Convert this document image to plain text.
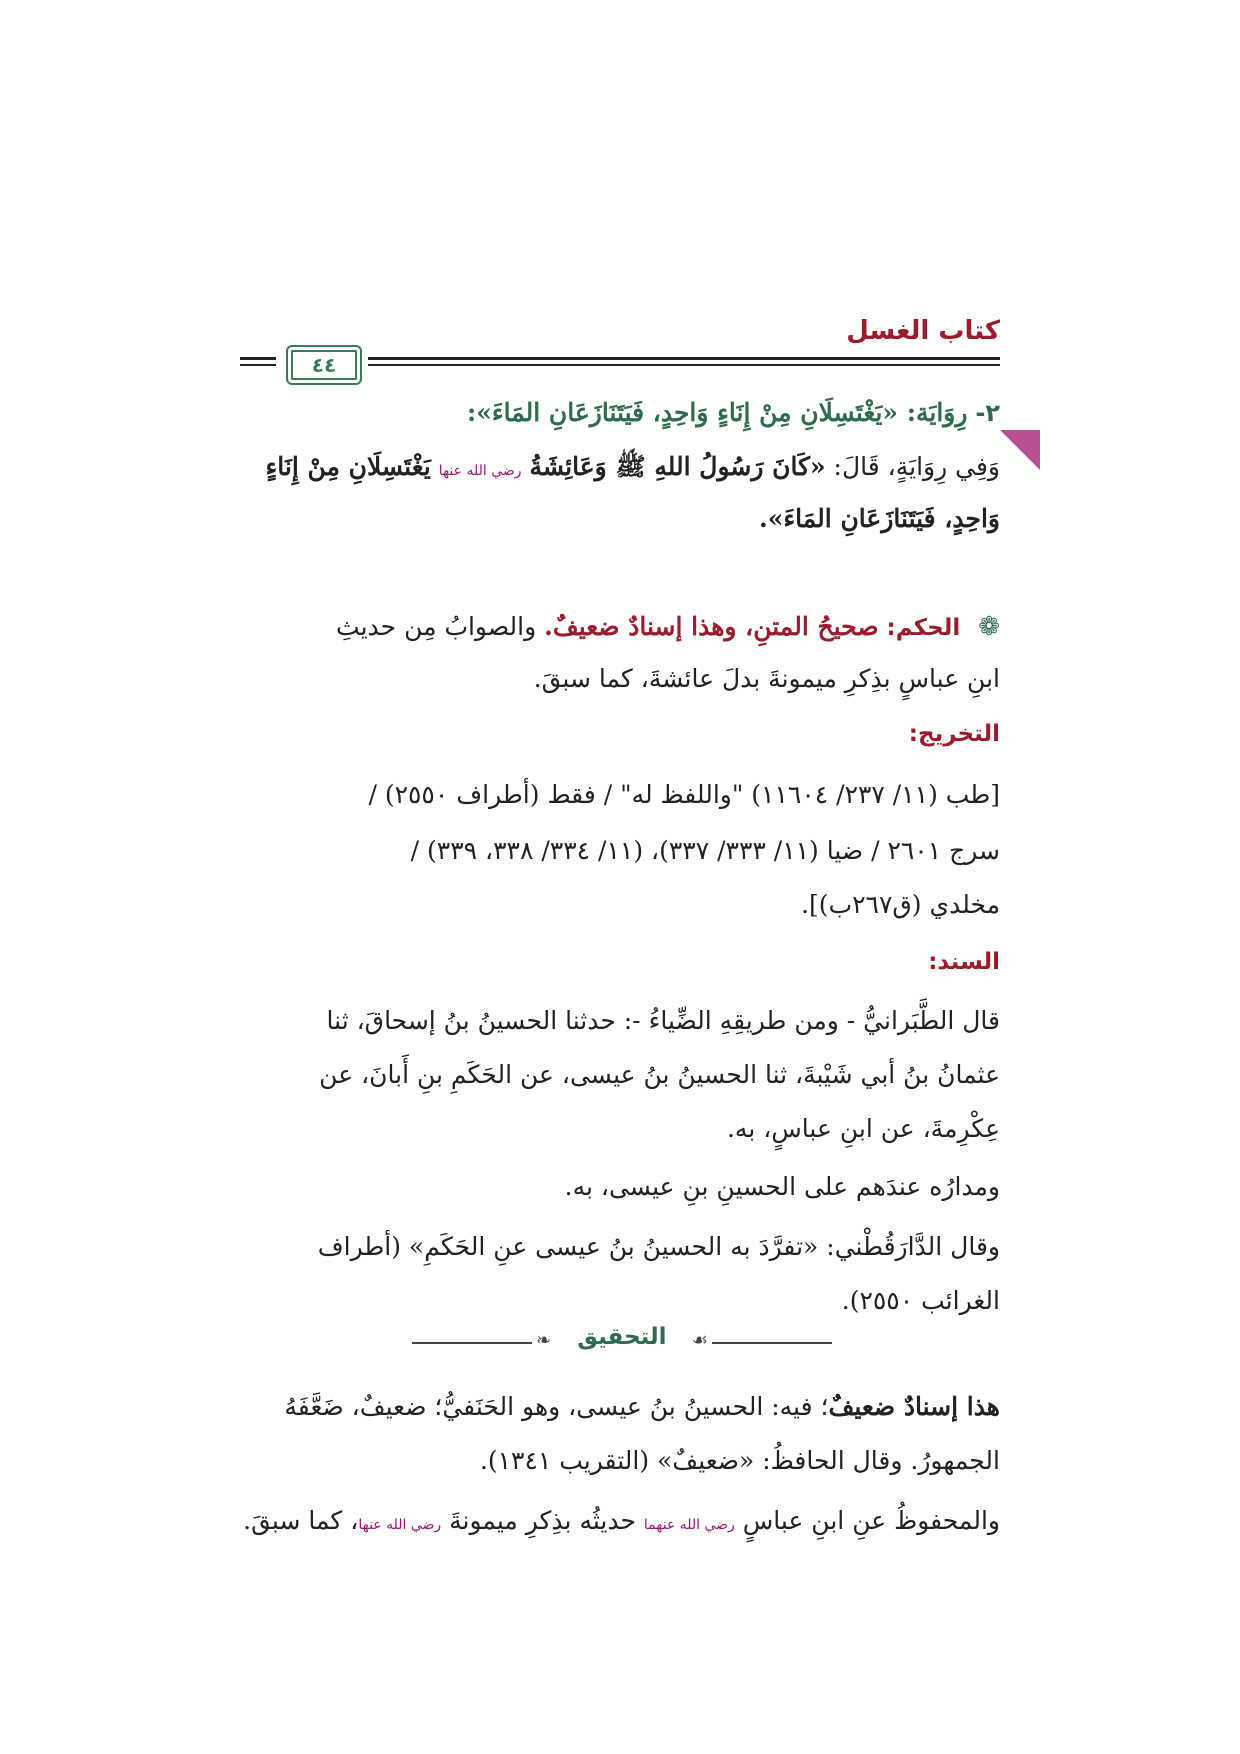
كتاب الغسل
٤٤
٢- رِوَايَة: «يَغْتَسِلَانِ مِنْ إِنَاءٍ وَاحِدٍ، فَيَتَنَازَعَانِ المَاءَ»:
وَفِي رِوَايَةٍ، قَالَ: «كَانَ رَسُولُ اللهِ ﷺ وَعَائِشَةُ رضي الله عنها يَغْتَسِلَانِ مِنْ إِنَاءٍ
وَاحِدٍ، فَيَتَنَازَعَانِ المَاءَ».
❁ الحكم: صحيحُ المتنِ، وهذا إسنادٌ ضعيفٌ. والصوابُ مِن حديثِ
ابنِ عباسٍ بذِكرِ ميمونةَ بدلَ عائشةَ، كما سبقَ.
التخريج:
[طب (١١/ ٢٣٧/ ١١٦٠٤) "واللفظ له" / فقط (أطراف ٢٥٥٠) /
سرج ٢٦٠١ / ضيا (١١/ ٣٣٣/ ٣٣٧)، (١١/ ٣٣٤/ ٣٣٨، ٣٣٩) /
مخلدي (ق٢٦٧ب)].
السند:
قال الطَّبَرانيُّ - ومن طريقِهِ الضِّياءُ -: حدثنا الحسينُ بنُ إسحاقَ، ثنا
عثمانُ بنُ أبي شَيْبةَ، ثنا الحسينُ بنُ عيسى، عن الحَكَمِ بنِ أَبانَ، عن
عِكْرِمةَ، عن ابنِ عباسٍ، به.
ومدارُه عندَهم على الحسينِ بنِ عيسى، به.
وقال الدَّارَقُطْني: «تفرَّدَ به الحسينُ بنُ عيسى عنِ الحَكَمِ» (أطراف
الغرائب ٢٥٥٠).
❧	☙
التحقيق
هذا إسنادٌ ضعيفٌ؛ فيه: الحسينُ بنُ عيسى، وهو الحَنَفيُّ؛ ضعيفٌ، ضَعَّفَهُ
الجمهورُ. وقال الحافظُ: «ضعيفٌ» (التقريب ١٣٤١).
والمحفوظُ عنِ ابنِ عباسٍ رضي الله عنهما حديثُه بذِكرِ ميمونةَ رضي الله عنها، كما سبقَ.
